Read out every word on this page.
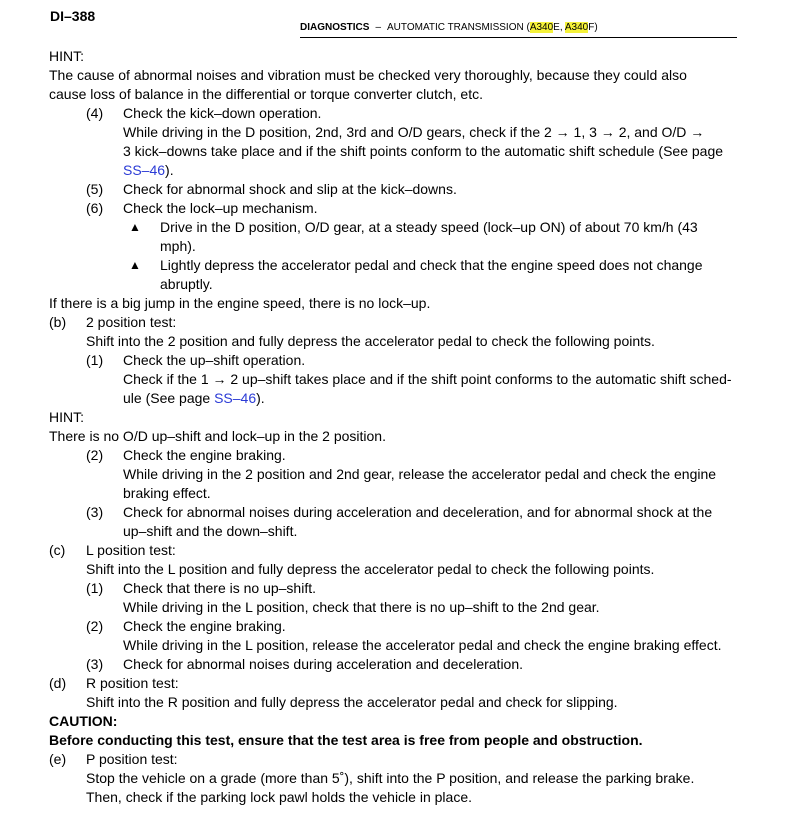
DI–388
DIAGNOSTICS – AUTOMATIC TRANSMISSION (A340E, A340F)
HINT:
The cause of abnormal noises and vibration must be checked very thoroughly, because they could also
cause loss of balance in the differential or torque converter clutch, etc.
(4) Check the kick–down operation.
While driving in the D position, 2nd, 3rd and O/D gears, check if the 2 → 1, 3 → 2, and O/D →
3 kick–downs take place and if the shift points conform to the automatic shift schedule (See page
SS–46).
(5) Check for abnormal shock and slip at the kick–downs.
(6) Check the lock–up mechanism.
▲ Drive in the D position, O/D gear, at a steady speed (lock–up ON) of about 70 km/h (43
mph).
▲ Lightly depress the accelerator pedal and check that the engine speed does not change
abruptly.
If there is a big jump in the engine speed, there is no lock–up.
(b) 2 position test:
Shift into the 2 position and fully depress the accelerator pedal to check the following points.
(1) Check the up–shift operation.
Check if the 1 → 2 up–shift takes place and if the shift point conforms to the automatic shift sched-
ule (See page SS–46).
HINT:
There is no O/D up–shift and lock–up in the 2 position.
(2) Check the engine braking.
While driving in the 2 position and 2nd gear, release the accelerator pedal and check the engine
braking effect.
(3) Check for abnormal noises during acceleration and deceleration, and for abnormal shock at the
up–shift and the down–shift.
(c) L position test:
Shift into the L position and fully depress the accelerator pedal to check the following points.
(1) Check that there is no up–shift.
While driving in the L position, check that there is no up–shift to the 2nd gear.
(2) Check the engine braking.
While driving in the L position, release the accelerator pedal and check the engine braking effect.
(3) Check for abnormal noises during acceleration and deceleration.
(d) R position test:
Shift into the R position and fully depress the accelerator pedal and check for slipping.
CAUTION:
Before conducting this test, ensure that the test area is free from people and obstruction.
(e) P position test:
Stop the vehicle on a grade (more than 5˚), shift into the P position, and release the parking brake.
Then, check if the parking lock pawl holds the vehicle in place.
